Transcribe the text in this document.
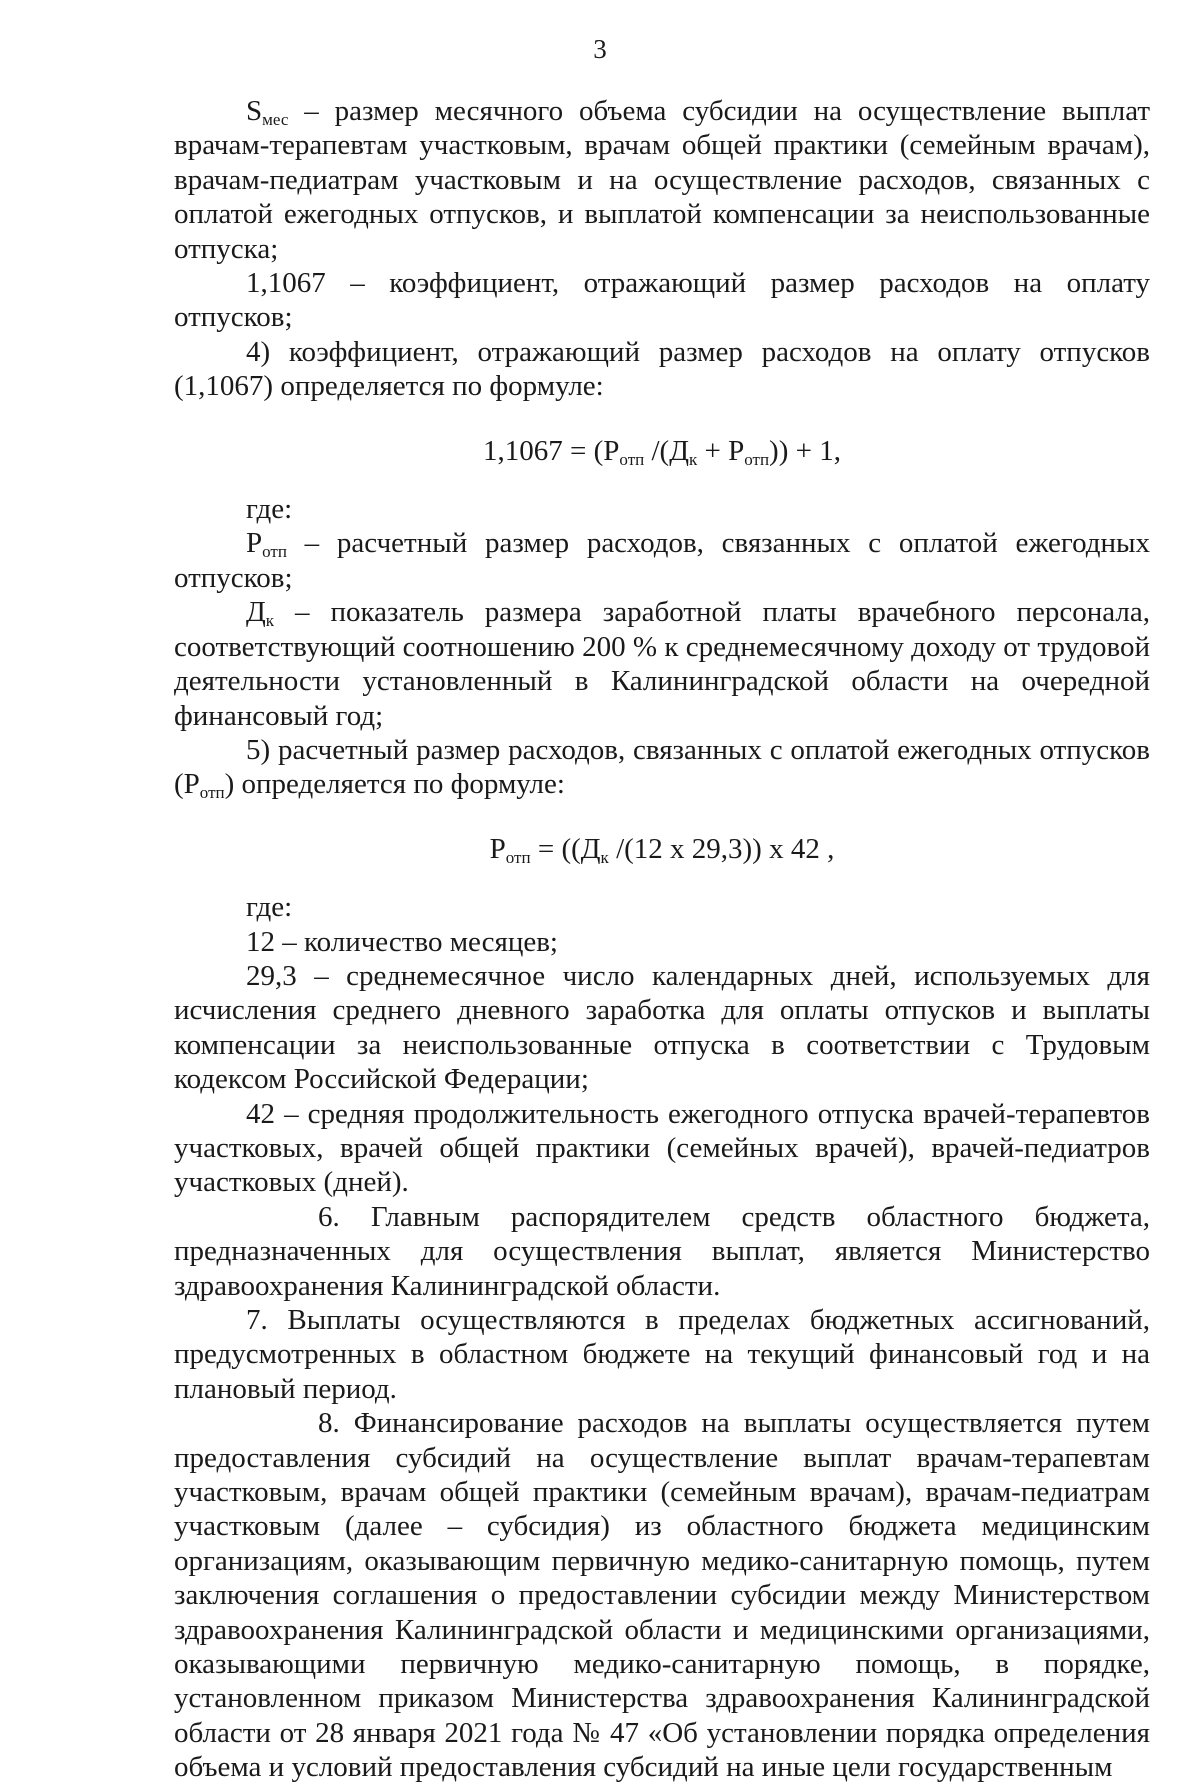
3

$S_{мес}$ – размер месячного объема субсидии на осуществление выплат врачам-терапевтам участковым, врачам общей практики (семейным врачам), врачам-педиатрам участковым и на осуществление расходов, связанных с оплатой ежегодных отпусков, и выплатой компенсации за неиспользованные отпуска;

1,1067 – коэффициент, отражающий размер расходов на оплату отпусков;

4) коэффициент, отражающий размер расходов на оплату отпусков (1,1067) определяется по формуле:

$1,1067 = (Р_{отп}$ $/(Д_к + Р_{отп})) + 1$,

где:

$Р_{отп}$ – расчетный размер расходов, связанных с оплатой ежегодных отпусков;

$Д_к$ – показатель размера заработной платы врачебного персонала, соответствующий соотношению 200 % к среднемесячному доходу от трудовой деятельности установленный в Калининградской области на очередной финансовый год;

5) расчетный размер расходов, связанных с оплатой ежегодных отпусков $(Р_{отп})$ определяется по формуле:

$Р_{отп} = ((Д_к$ /(12 х 29,3)) х 42 ,

где:

12 – количество месяцев;

29,3 – среднемесячное число календарных дней, используемых для исчисления среднего дневного заработка для оплаты отпусков и выплаты компенсации за неиспользованные отпуска в соответствии с Трудовым кодексом Российской Федерации;

42 – средняя продолжительность ежегодного отпуска врачей-терапевтов участковых, врачей общей практики (семейных врачей), врачей-педиатров участковых (дней).

6. Главным распорядителем средств областного бюджета, предназначенных для осуществления выплат, является Министерство здравоохранения Калининградской области.

7. Выплаты осуществляются в пределах бюджетных ассигнований, предусмотренных в областном бюджете на текущий финансовый год и на плановый период.

8. Финансирование расходов на выплаты осуществляется путем предоставления субсидий на осуществление выплат врачам-терапевтам участковым, врачам общей практики (семейным врачам), врачам-педиатрам участковым (далее – субсидия) из областного бюджета медицинским организациям, оказывающим первичную медико-санитарную помощь, путем заключения соглашения о предоставлении субсидии между Министерством здравоохранения Калининградской области и медицинскими организациями, оказывающими первичную медико-санитарную помощь, в порядке, установленном приказом Министерства здравоохранения Калининградской области от 28 января 2021 года № 47 «Об установлении порядка определения объема и условий предоставления субсидий на иные цели государственным
